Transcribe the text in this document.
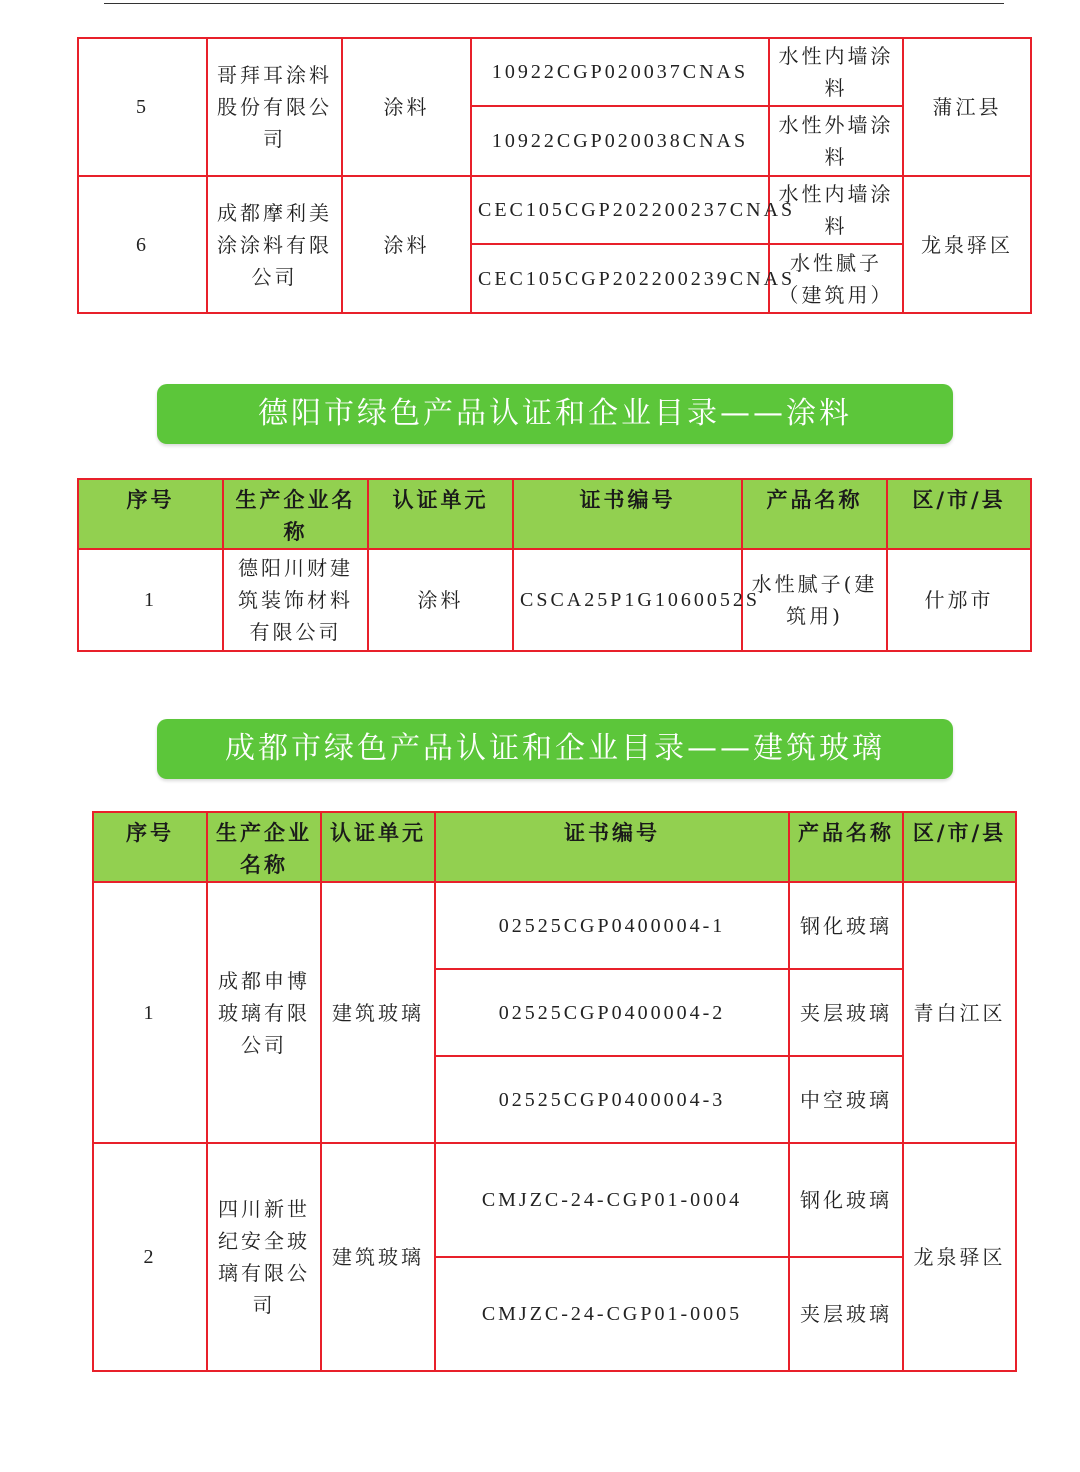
5	哥拜耳涂料股份有限公司	涂料	10922CGP020037CNAS	水性内墙涂料	蒲江县
			10922CGP020038CNAS	水性外墙涂料	
6	成都摩利美涂涂料有限公司	涂料	CEC105CGP202200237CNAS	水性内墙涂料	龙泉驿区
			CEC105CGP202200239CNAS	水性腻子（建筑用）	
德阳市绿色产品认证和企业目录——涂料
序号	生产企业名称	认证单元	证书编号	产品名称	区/市/县
1	德阳川财建筑装饰材料有限公司	涂料	CSCA25P1G1060052S	水性腻子(建筑用)	什邡市
成都市绿色产品认证和企业目录——建筑玻璃
序号	生产企业名称	认证单元	证书编号	产品名称	区/市/县
1	成都申博玻璃有限公司	建筑玻璃	02525CGP0400004-1	钢化玻璃	青白江区
			02525CGP0400004-2	夹层玻璃	
			02525CGP0400004-3	中空玻璃	
2	四川新世纪安全玻璃有限公司	建筑玻璃	CMJZC-24-CGP01-0004	钢化玻璃	龙泉驿区
			CMJZC-24-CGP01-0005	夹层玻璃	
